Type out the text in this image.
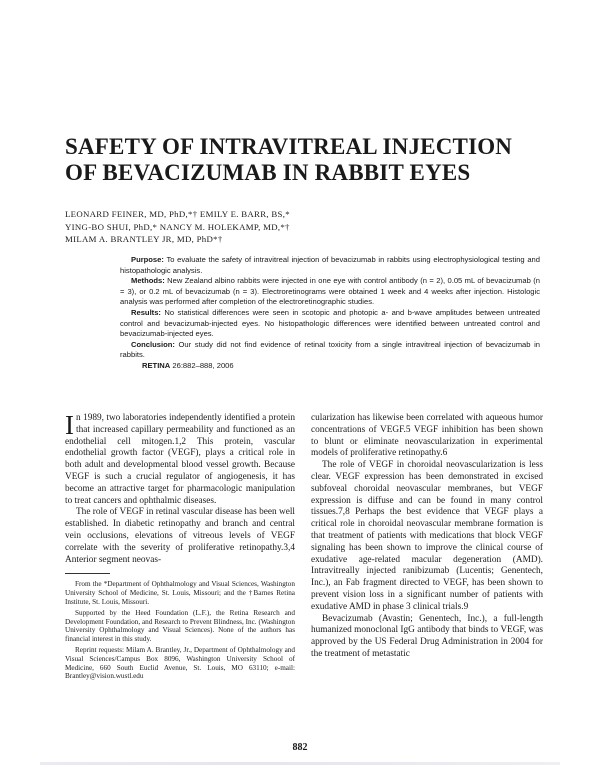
SAFETY OF INTRAVITREAL INJECTION
OF BEVACIZUMAB IN RABBIT EYES
LEONARD FEINER, MD, PhD,*† EMILY E. BARR, BS,*
YING-BO SHUI, PhD,* NANCY M. HOLEKAMP, MD,*†
MILAM A. BRANTLEY JR, MD, PhD*†

Purpose: To evaluate the safety of intravitreal injection of bevacizumab in rabbits using electrophysiological testing and histopathologic analysis.

Methods: New Zealand albino rabbits were injected in one eye with control antibody (n = 2), 0.05 mL of bevacizumab (n = 3), or 0.2 mL of bevacizumab (n = 3). Electroretinograms were obtained 1 week and 4 weeks after injection. Histologic analysis was performed after completion of the electroretinographic studies.

Results: No statistical differences were seen in scotopic and photopic a- and b-wave amplitudes between untreated control and bevacizumab-injected eyes. No histopathologic differences were identified between untreated control and bevacizumab-injected eyes.

Conclusion: Our study did not find evidence of retinal toxicity from a single intravitreal injection of bevacizumab in rabbits.

RETINA 26:882–888, 2006

In 1989, two laboratories independently identified a protein that increased capillary permeability and functioned as an endothelial cell mitogen.1,2 This protein, vascular endothelial growth factor (VEGF), plays a critical role in both adult and developmental blood vessel growth. Because VEGF is such a crucial regulator of angiogenesis, it has become an attractive target for pharmacologic manipulation to treat cancers and ophthalmic diseases.

The role of VEGF in retinal vascular disease has been well established. In diabetic retinopathy and branch and central vein occlusions, elevations of vitreous levels of VEGF correlate with the severity of proliferative retinopathy.3,4 Anterior segment neovas-

From the *Department of Ophthalmology and Visual Sciences, Washington University School of Medicine, St. Louis, Missouri; and the †Barnes Retina Institute, St. Louis, Missouri.

Supported by the Heed Foundation (L.F.), the Retina Research and Development Foundation, and Research to Prevent Blindness, Inc. (Washington University Ophthalmology and Visual Sciences). None of the authors has financial interest in this study.

Reprint requests: Milam A. Brantley, Jr., Department of Ophthalmology and Visual Sciences/Campus Box 8096, Washington University School of Medicine, 660 South Euclid Avenue, St. Louis, MO 63110; e-mail: Brantley@vision.wustl.edu

cularization has likewise been correlated with aqueous humor concentrations of VEGF.5 VEGF inhibition has been shown to blunt or eliminate neovascularization in experimental models of proliferative retinopathy.6

The role of VEGF in choroidal neovascularization is less clear. VEGF expression has been demonstrated in excised subfoveal choroidal neovascular membranes, but VEGF expression is diffuse and can be found in many control tissues.7,8 Perhaps the best evidence that VEGF plays a critical role in choroidal neovascular membrane formation is that treatment of patients with medications that block VEGF signaling has been shown to improve the clinical course of exudative age-related macular degeneration (AMD). Intravitreally injected ranibizumab (Lucentis; Genentech, Inc.), an Fab fragment directed to VEGF, has been shown to prevent vision loss in a significant number of patients with exudative AMD in phase 3 clinical trials.9

Bevacizumab (Avastin; Genentech, Inc.), a full-length humanized monoclonal IgG antibody that binds to VEGF, was approved by the US Federal Drug Administration in 2004 for the treatment of metastatic

882
